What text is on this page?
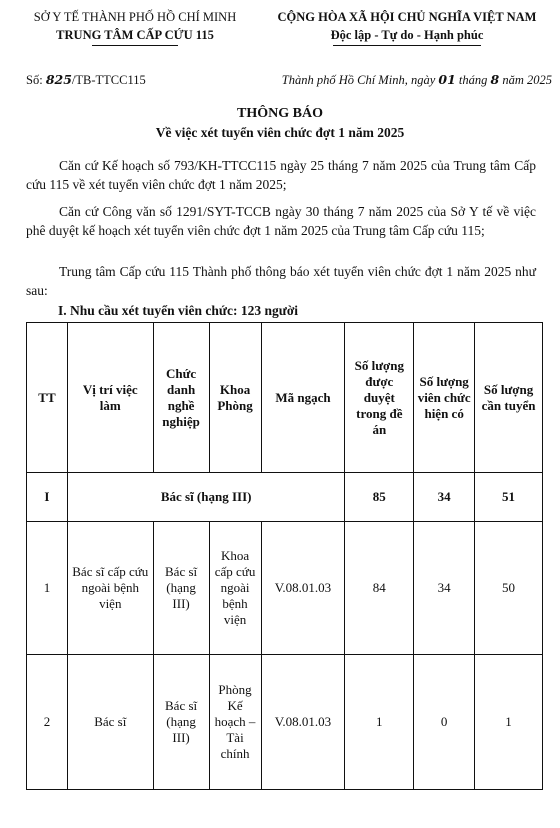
SỞ Y TẾ THÀNH PHỐ HỒ CHÍ MINH
TRUNG TÂM CẤP CỨU 115
CỘNG HÒA XÃ HỘI CHỦ NGHĨA VIỆT NAM
Độc lập - Tự do - Hạnh phúc
Số: 825/TB-TTCC115	Thành phố Hồ Chí Minh, ngày 01 tháng 8 năm 2025
THÔNG BÁO
Về việc xét tuyển viên chức đợt 1 năm 2025
Căn cứ Kế hoạch số 793/KH-TTCC115 ngày 25 tháng 7 năm 2025 của Trung tâm Cấp cứu 115 về xét tuyển viên chức đợt 1 năm 2025;
Căn cứ Công văn số 1291/SYT-TCCB ngày 30 tháng 7 năm 2025 của Sở Y tế về việc phê duyệt kế hoạch xét tuyển viên chức đợt 1 năm 2025 của Trung tâm Cấp cứu 115;
Trung tâm Cấp cứu 115 Thành phố thông báo xét tuyển viên chức đợt 1 năm 2025 như sau:
I. Nhu cầu xét tuyển viên chức: 123 người
TT	Vị trí việc làm	Chức danh nghề nghiệp	Khoa Phòng	Mã ngạch	Số lượng được duyệt trong đề án	Số lượng viên chức hiện có	Số lượng cần tuyển
I	Bác sĩ (hạng III)				85	34	51
1	Bác sĩ cấp cứu ngoài bệnh viện	Bác sĩ (hạng III)	Khoa cấp cứu ngoài bệnh viện	V.08.01.03	84	34	50
2	Bác sĩ	Bác sĩ (hạng III)	Phòng Kế hoạch – Tài chính	V.08.01.03	1	0	1
